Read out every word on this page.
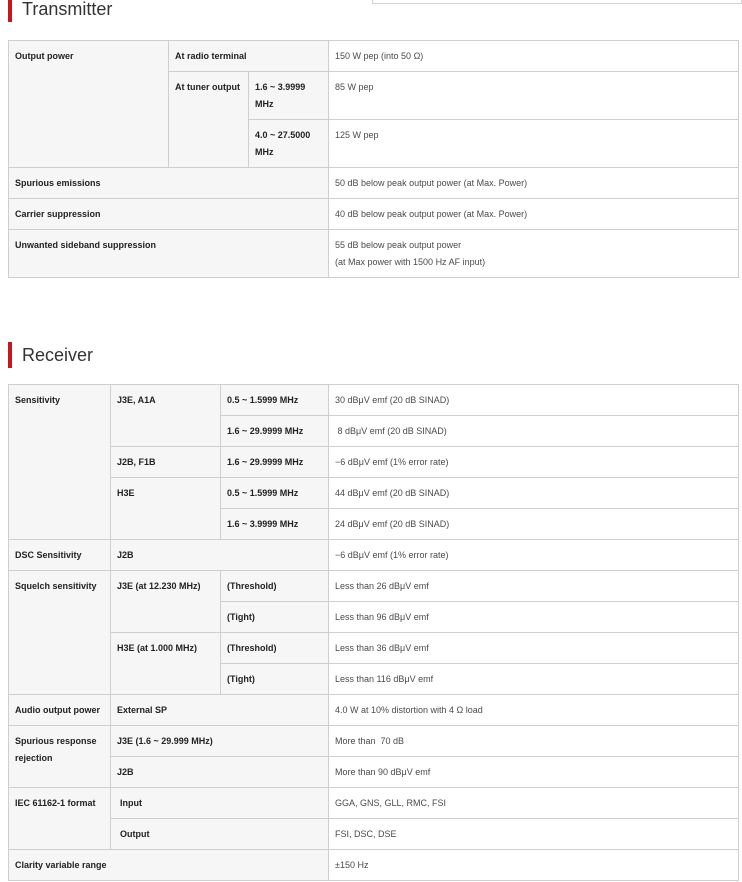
Transmitter
Output power	At radio terminal		150 W pep (into 50 Ω)
	At tuner output	1.6 ~ 3.9999 MHz	85 W pep
		4.0 ~ 27.5000 MHz	125 W pep
Spurious emissions			50 dB below peak output power (at Max. Power)
Carrier suppression			40 dB below peak output power (at Max. Power)
Unwanted sideband suppression			55 dB below peak output power
(at Max power with 1500 Hz AF input)
Receiver
Sensitivity	J3E, A1A	0.5 ~ 1.5999 MHz	30 dBμV emf (20 dB SINAD)
		1.6 ~ 29.9999 MHz	8 dBμV emf (20 dB SINAD)
	J2B, F1B	1.6 ~ 29.9999 MHz	−6 dBμV emf (1% error rate)
	H3E	0.5 ~ 1.5999 MHz	44 dBμV emf (20 dB SINAD)
		1.6 ~ 3.9999 MHz	24 dBμV emf (20 dB SINAD)
DSC Sensitivity	J2B		−6 dBμV emf (1% error rate)
Squelch sensitivity	J3E (at 12.230 MHz)	(Threshold)	Less than 26 dBμV emf
		(Tight)	Less than 96 dBμV emf
	H3E (at 1.000 MHz)	(Threshold)	Less than 36 dBμV emf
		(Tight)	Less than 116 dBμV emf
Audio output power	External SP		4.0 W at 10% distortion with 4 Ω load
Spurious response rejection	J3E (1.6 ~ 29.999 MHz)		More than  70 dB
	J2B		More than 90 dBμV emf
IEC 61162-1 format	Input		GGA, GNS, GLL, RMC, FSI
	Output		FSI, DSC, DSE
Clarity variable range			±150 Hz
